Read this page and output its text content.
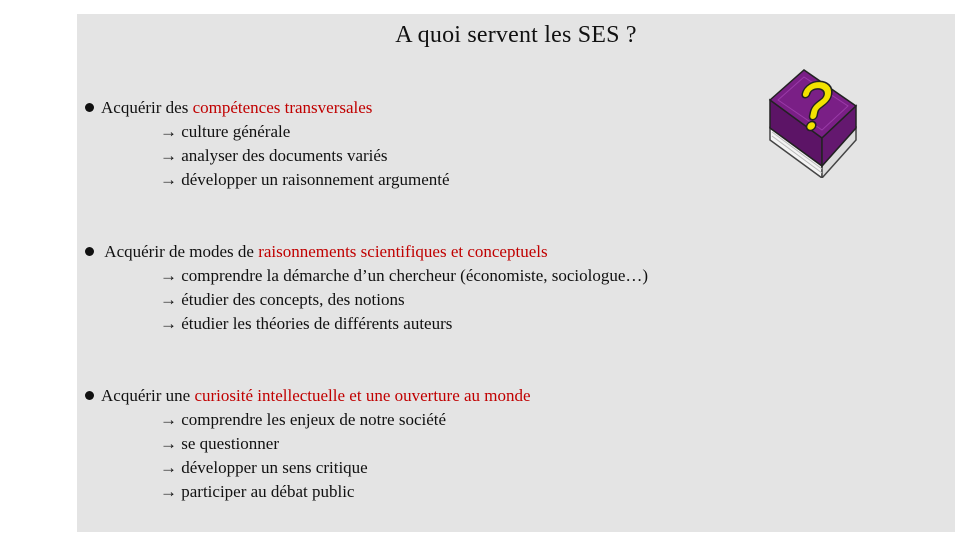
A quoi servent les SES ?
Acquérir des compétences transversales
→ culture générale
→ analyser des documents variés
→ développer un raisonnement argumenté
Acquérir de modes de raisonnements scientifiques et conceptuels
→ comprendre la démarche d’un chercheur (économiste, sociologue…)
→ étudier des concepts, des notions
→ étudier les théories de différents auteurs
Acquérir une curiosité intellectuelle et une ouverture au monde
→ comprendre les enjeux de notre société
→ se questionner
→ développer un sens critique
→ participer au débat public
